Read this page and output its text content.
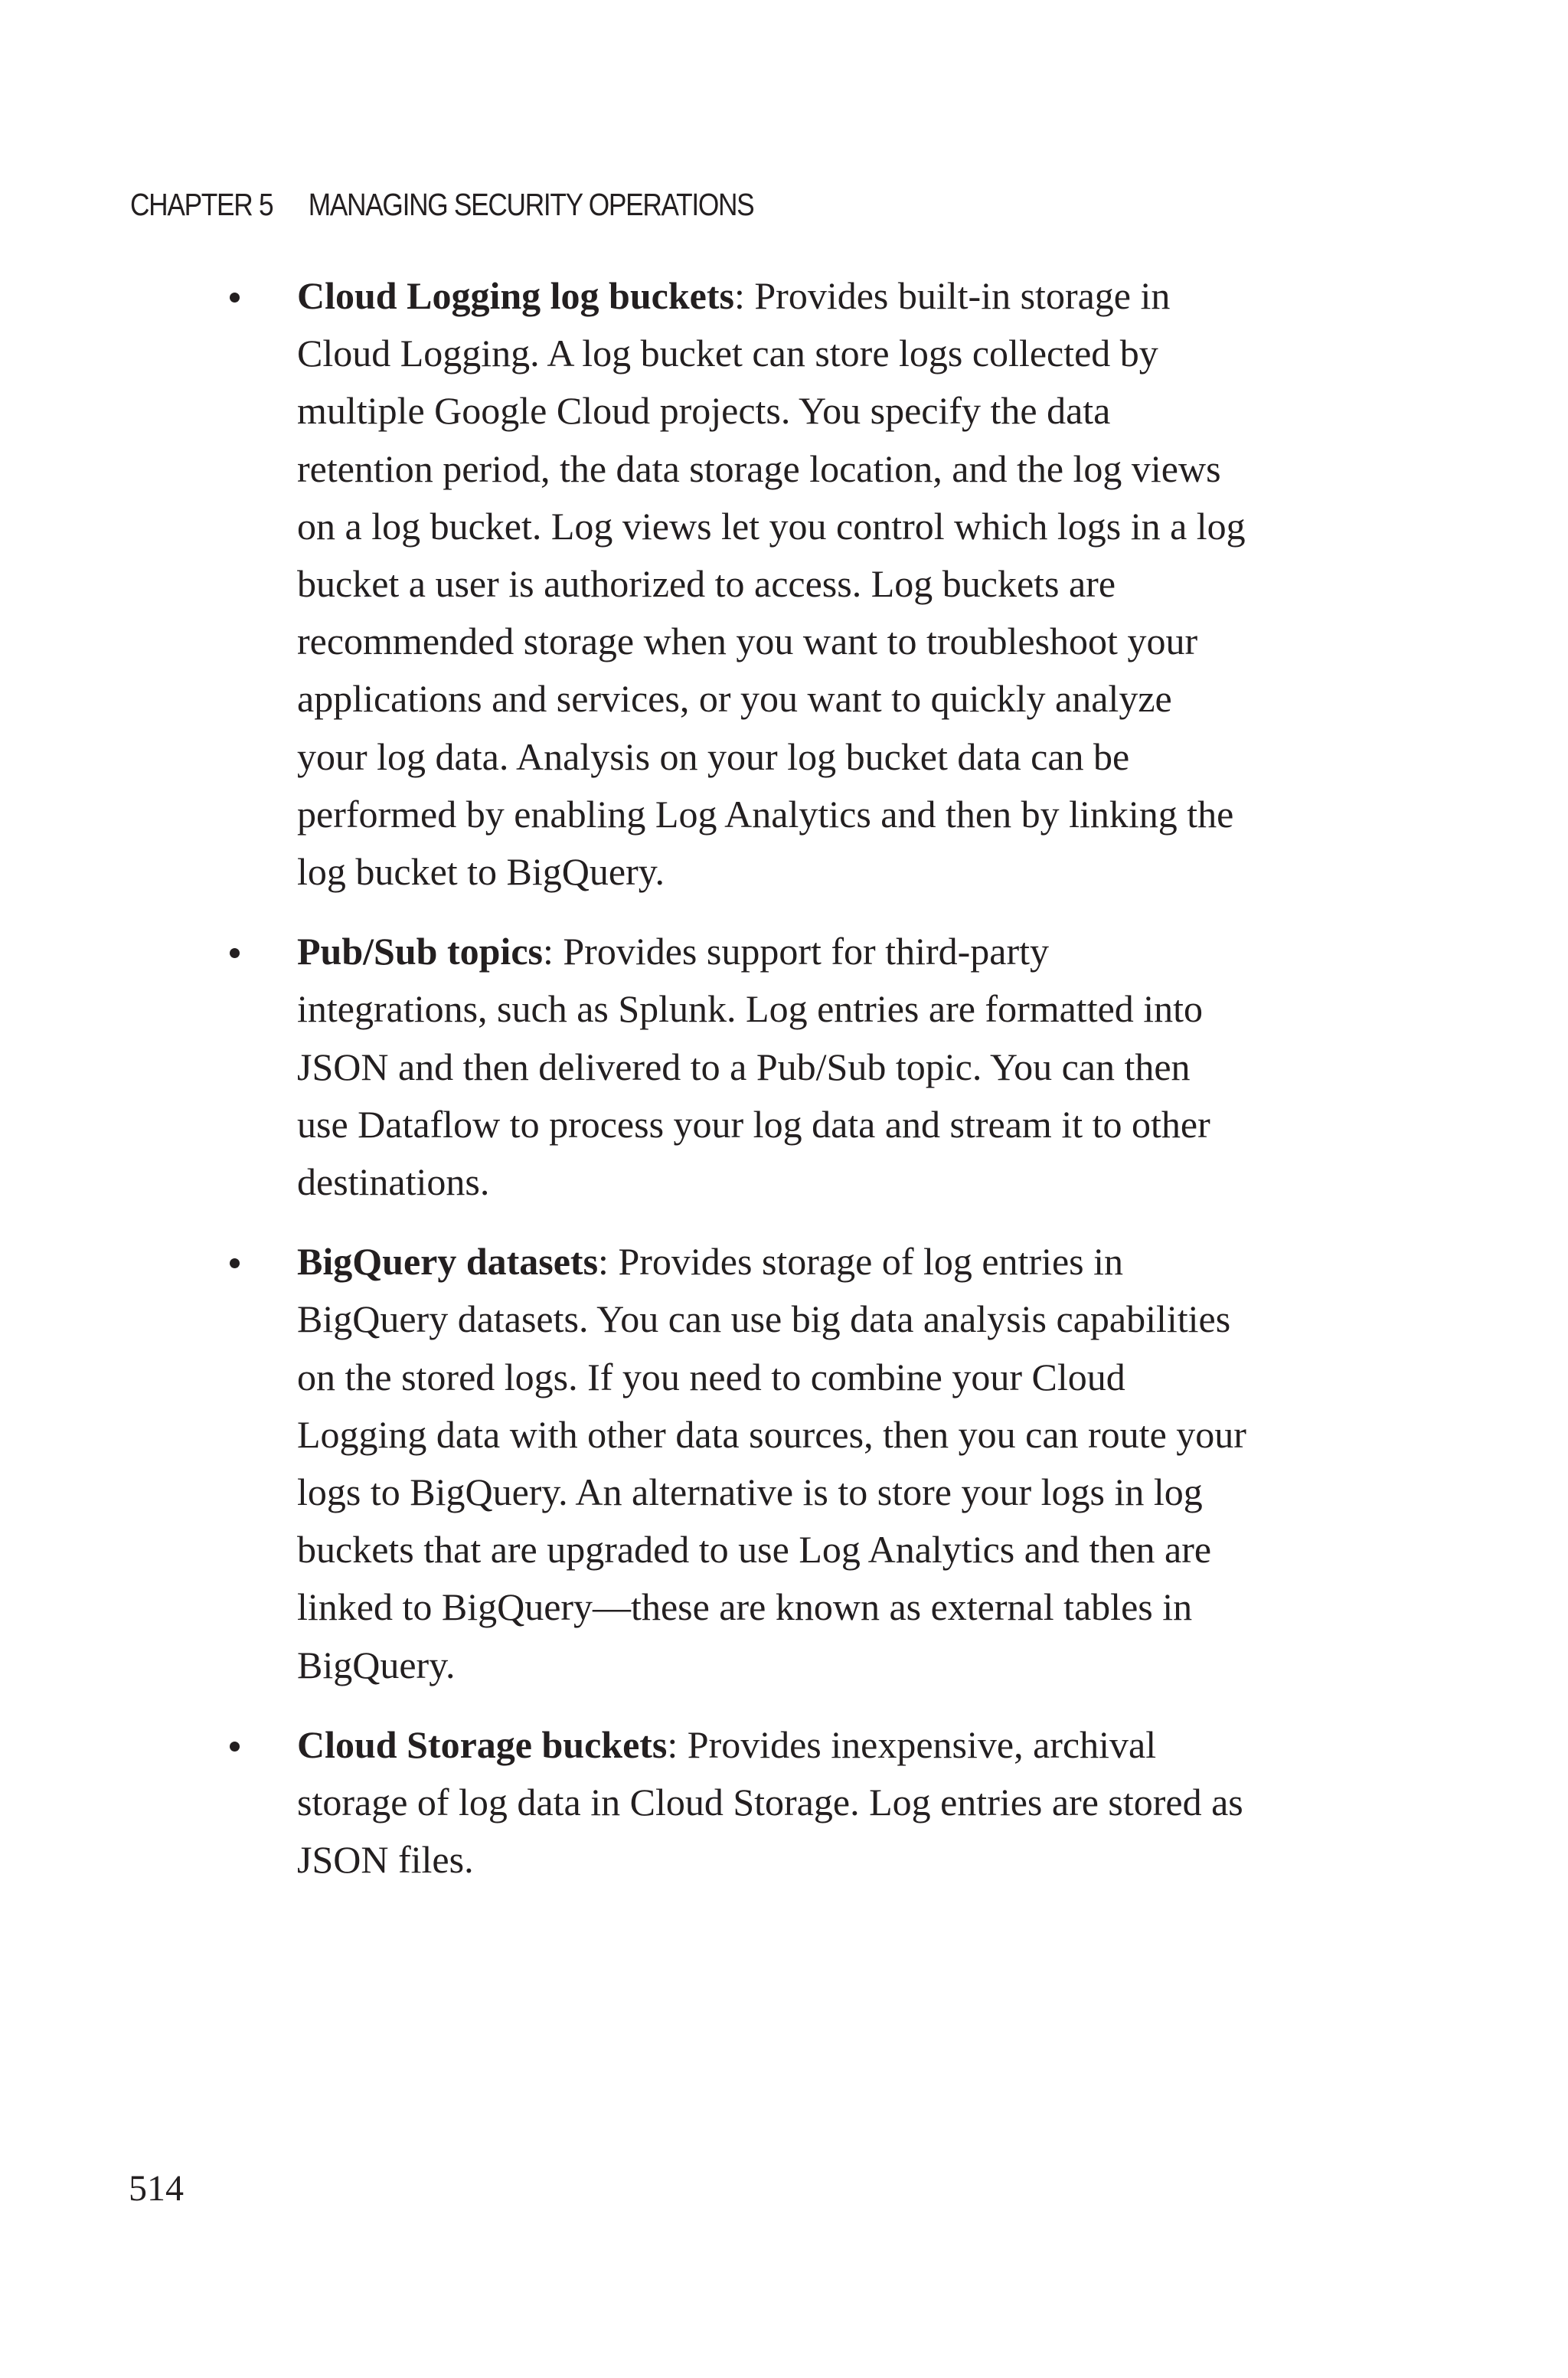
CHAPTER 5 MANAGING SECURITY OPERATIONS
Cloud Logging log buckets: Provides built-in storage in Cloud Logging. A log bucket can store logs collected by multiple Google Cloud projects. You specify the data retention period, the data storage location, and the log views on a log bucket. Log views let you control which logs in a log bucket a user is authorized to access. Log buckets are recommended storage when you want to troubleshoot your applications and services, or you want to quickly analyze your log data. Analysis on your log bucket data can be performed by enabling Log Analytics and then by linking the log bucket to BigQuery.
Pub/Sub topics: Provides support for third-party integrations, such as Splunk. Log entries are formatted into JSON and then delivered to a Pub/Sub topic. You can then use Dataflow to process your log data and stream it to other destinations.
BigQuery datasets: Provides storage of log entries in BigQuery datasets. You can use big data analysis capabilities on the stored logs. If you need to combine your Cloud Logging data with other data sources, then you can route your logs to BigQuery. An alternative is to store your logs in log buckets that are upgraded to use Log Analytics and then are linked to BigQuery—these are known as external tables in BigQuery.
Cloud Storage buckets: Provides inexpensive, archival storage of log data in Cloud Storage. Log entries are stored as JSON files.
514
